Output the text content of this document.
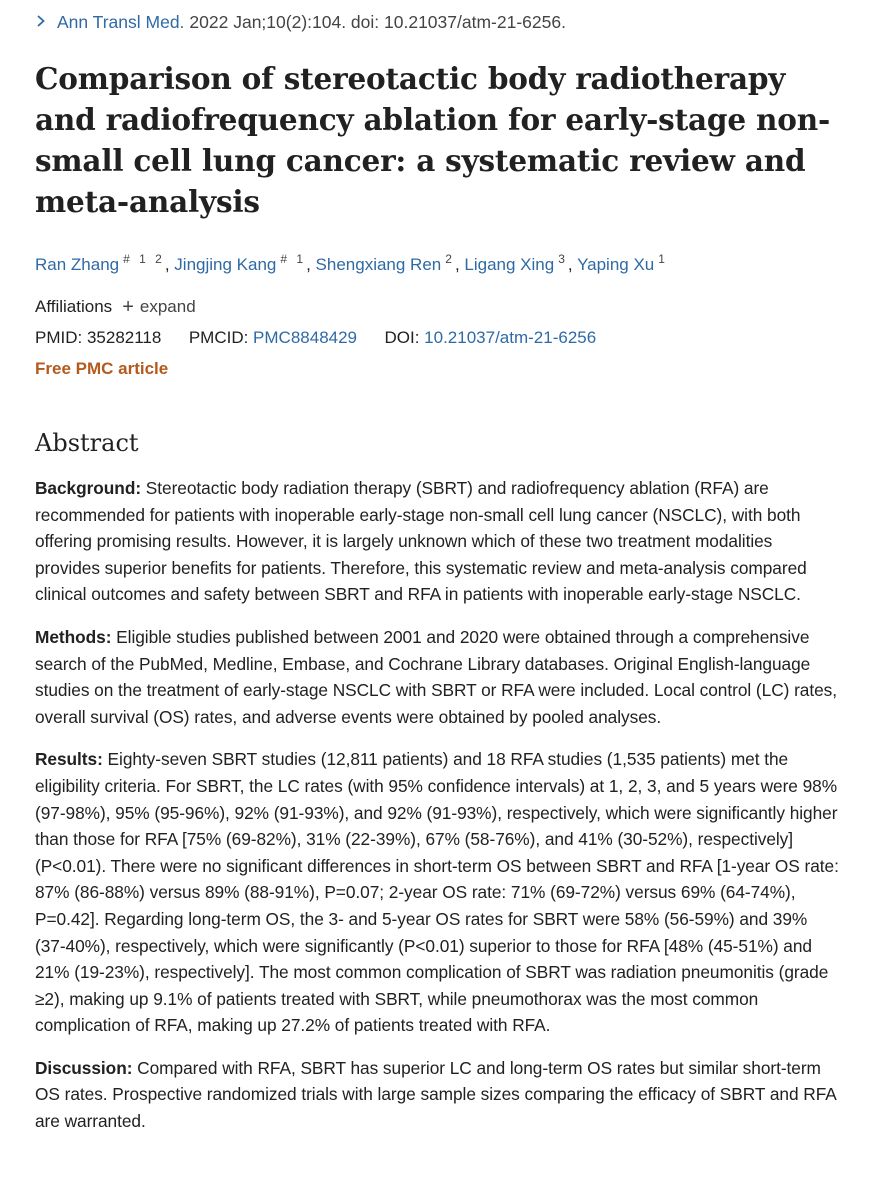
Ann Transl Med. 2022 Jan;10(2):104. doi: 10.21037/atm-21-6256.
Comparison of stereotactic body radiotherapy and radiofrequency ablation for early-stage non-small cell lung cancer: a systematic review and meta-analysis
Ran Zhang $^{\# 1 2}$, Jingjing Kang $^{\# 1}$, Shengxiang Ren $^2$, Ligang Xing $^3$, Yaping Xu $^1$
Affiliations + expand
PMID: 35282118 PMCID: PMC8848429 DOI: 10.21037/atm-21-6256
Free PMC article
Abstract

Background: Stereotactic body radiation therapy (SBRT) and radiofrequency ablation (RFA) are recommended for patients with inoperable early-stage non-small cell lung cancer (NSCLC), with both offering promising results. However, it is largely unknown which of these two treatment modalities provides superior benefits for patients. Therefore, this systematic review and meta-analysis compared clinical outcomes and safety between SBRT and RFA in patients with inoperable early-stage NSCLC.

Methods: Eligible studies published between 2001 and 2020 were obtained through a comprehensive search of the PubMed, Medline, Embase, and Cochrane Library databases. Original English-language studies on the treatment of early-stage NSCLC with SBRT or RFA were included. Local control (LC) rates, overall survival (OS) rates, and adverse events were obtained by pooled analyses.

Results: Eighty-seven SBRT studies (12,811 patients) and 18 RFA studies (1,535 patients) met the eligibility criteria. For SBRT, the LC rates (with 95% confidence intervals) at 1, 2, 3, and 5 years were 98% (97-98%), 95% (95-96%), 92% (91-93%), and 92% (91-93%), respectively, which were significantly higher than those for RFA [75% (69-82%), 31% (22-39%), 67% (58-76%), and 41% (30-52%), respectively] (P<0.01). There were no significant differences in short-term OS between SBRT and RFA [1-year OS rate: 87% (86-88%) versus 89% (88-91%), P=0.07; 2-year OS rate: 71% (69-72%) versus 69% (64-74%), P=0.42]. Regarding long-term OS, the 3- and 5-year OS rates for SBRT were 58% (56-59%) and 39% (37-40%), respectively, which were significantly (P<0.01) superior to those for RFA [48% (45-51%) and 21% (19-23%), respectively]. The most common complication of SBRT was radiation pneumonitis (grade ≥2), making up 9.1% of patients treated with SBRT, while pneumothorax was the most common complication of RFA, making up 27.2% of patients treated with RFA.

Discussion: Compared with RFA, SBRT has superior LC and long-term OS rates but similar short-term OS rates. Prospective randomized trials with large sample sizes comparing the efficacy of SBRT and RFA are warranted.
